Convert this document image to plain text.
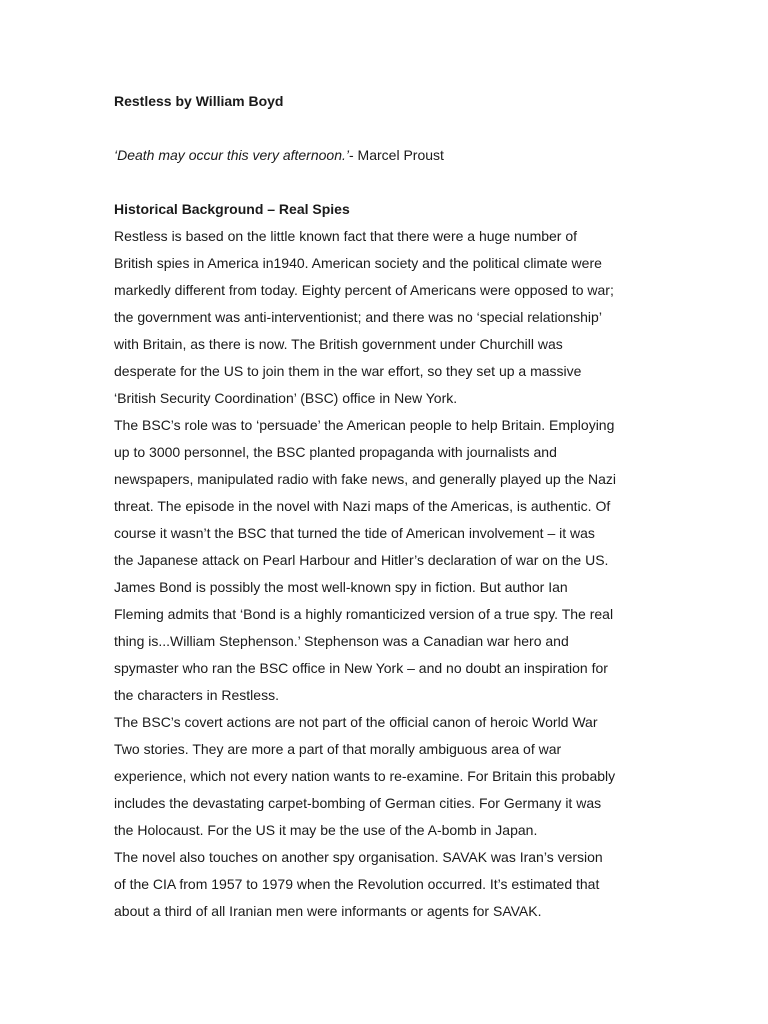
Restless by William Boyd

‘Death may occur this very afternoon.’- Marcel Proust

Historical Background – Real Spies

Restless is based on the little known fact that there were a huge number of
British spies in America in1940. American society and the political climate were
markedly different from today. Eighty percent of Americans were opposed to war;
the government was anti-interventionist; and there was no ‘special relationship’
with Britain, as there is now. The British government under Churchill was
desperate for the US to join them in the war effort, so they set up a massive
‘British Security Coordination’ (BSC) office in New York.
The BSC’s role was to ‘persuade’ the American people to help Britain. Employing
up to 3000 personnel, the BSC planted propaganda with journalists and
newspapers, manipulated radio with fake news, and generally played up the Nazi
threat. The episode in the novel with Nazi maps of the Americas, is authentic. Of
course it wasn’t the BSC that turned the tide of American involvement – it was
the Japanese attack on Pearl Harbour and Hitler’s declaration of war on the US.
James Bond is possibly the most well-known spy in fiction. But author Ian
Fleming admits that ‘Bond is a highly romanticized version of a true spy. The real
thing is...William Stephenson.’ Stephenson was a Canadian war hero and
spymaster who ran the BSC office in New York – and no doubt an inspiration for
the characters in Restless.
The BSC’s covert actions are not part of the official canon of heroic World War
Two stories. They are more a part of that morally ambiguous area of war
experience, which not every nation wants to re-examine. For Britain this probably
includes the devastating carpet-bombing of German cities. For Germany it was
the Holocaust. For the US it may be the use of the A-bomb in Japan.
The novel also touches on another spy organisation. SAVAK was Iran’s version
of the CIA from 1957 to 1979 when the Revolution occurred. It’s estimated that
about a third of all Iranian men were informants or agents for SAVAK.
